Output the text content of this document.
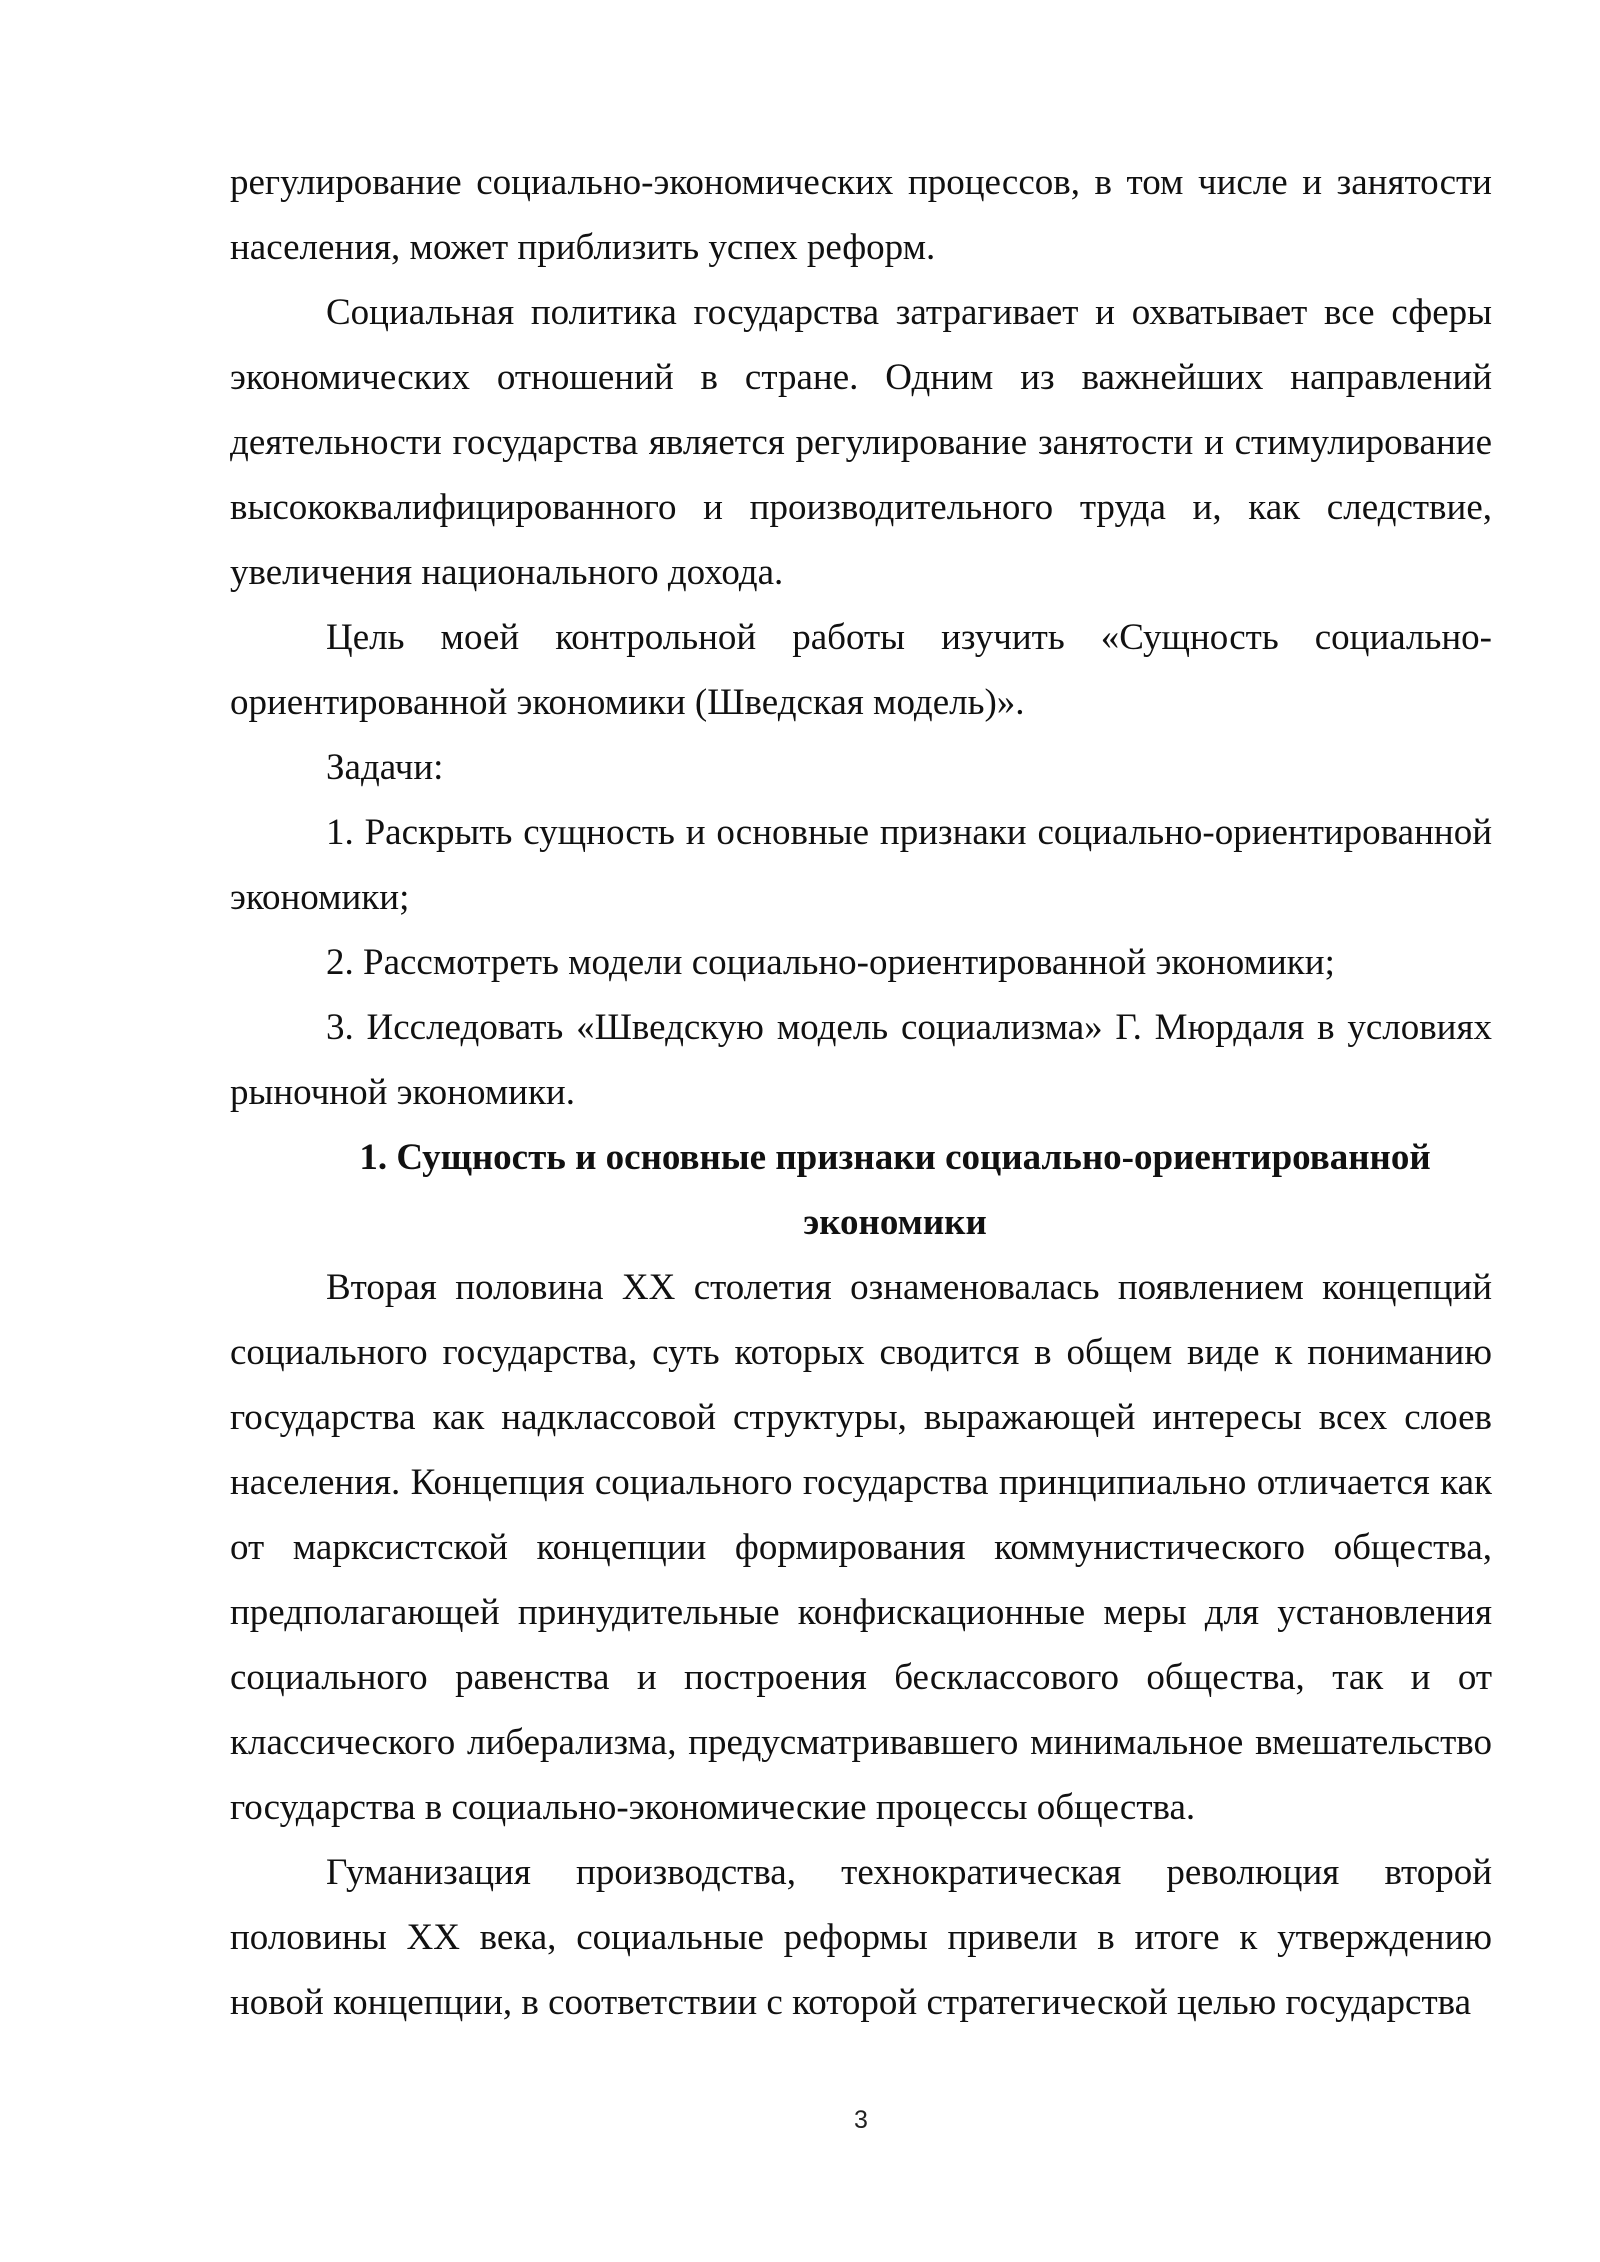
регулирование социально-экономических процессов, в том числе и занятости населения, может приблизить успех реформ.

Социальная политика государства затрагивает и охватывает все сферы экономических отношений в стране. Одним из важнейших направлений деятельности государства является регулирование занятости и стимулирование высококвалифицированного и производительного труда и, как следствие, увеличения национального дохода.

Цель моей контрольной работы изучить «Сущность социально-ориентированной экономики (Шведская модель)».

Задачи:

1. Раскрыть сущность и основные признаки социально-ориентированной экономики;

2. Рассмотреть модели социально-ориентированной экономики;

3. Исследовать «Шведскую модель социализма» Г. Мюрдаля в условиях рыночной экономики.

1. Сущность и основные признаки социально-ориентированной экономики

Вторая половина XX столетия ознаменовалась появлением концепций социального государства, суть которых сводится в общем виде к пониманию государства как надклассовой структуры, выражающей интересы всех слоев населения. Концепция социального государства принципиально отличается как от марксистской концепции формирования коммунистического общества, предполагающей принудительные конфискационные меры для установления социального равенства и построения бесклассового общества, так и от классического либерализма, предусматривавшего минимальное вмешательство государства в социально-экономические процессы общества.

Гуманизация производства, технократическая революция второй половины XX века, социальные реформы привели в итоге к утверждению новой концепции, в соответствии с которой стратегической целью государства

3
